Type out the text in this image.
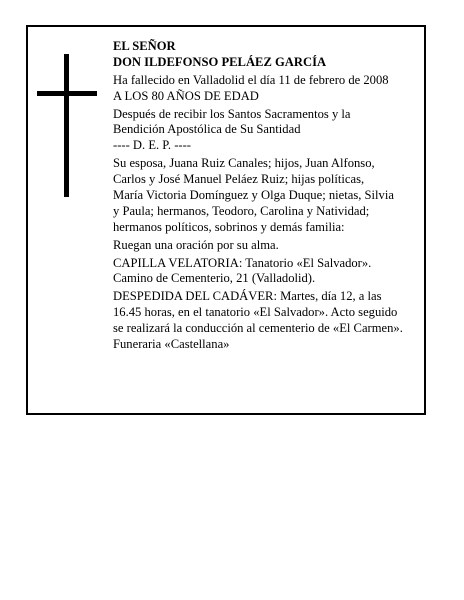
EL SEÑOR
DON ILDEFONSO PELÁEZ GARCÍA
Ha fallecido en Valladolid el día 11 de febrero de 2008
A LOS 80 AÑOS DE EDAD
Después de recibir los Santos Sacramentos y la
Bendición Apostólica de Su Santidad
---- D. E. P. ----
Su esposa, Juana Ruiz Canales; hijos, Juan Alfonso,
Carlos y José Manuel Peláez Ruiz; hijas políticas,
María Victoria Domínguez y Olga Duque; nietas, Silvia
y Paula; hermanos, Teodoro, Carolina y Natividad;
hermanos políticos, sobrinos y demás familia:
Ruegan una oración por su alma.
CAPILLA VELATORIA: Tanatorio «El Salvador».
Camino de Cementerio, 21 (Valladolid).
DESPEDIDA DEL CADÁVER: Martes, día 12, a las
16.45 horas, en el tanatorio «El Salvador». Acto seguido
se realizará la conducción al cementerio de «El Carmen».
Funeraria «Castellana»
